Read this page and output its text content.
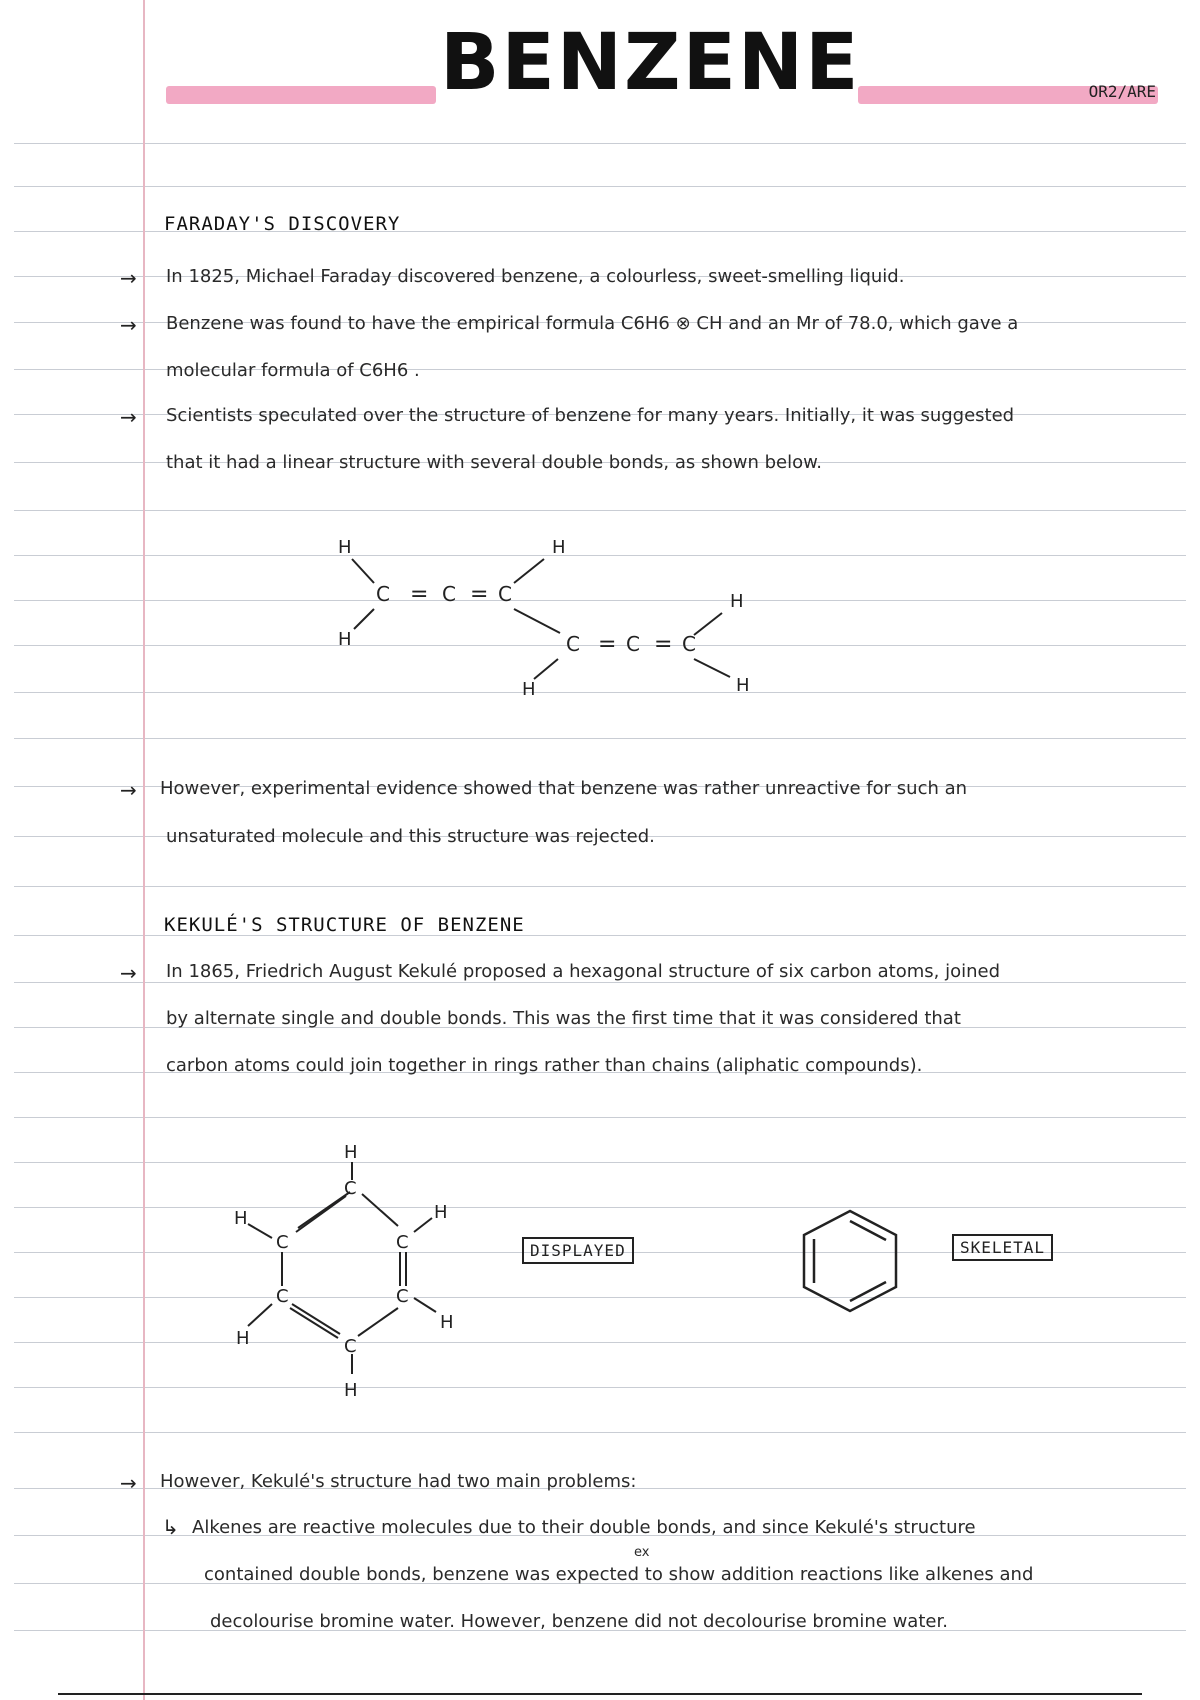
BENZENE	OR2/ARE
FARADAY'S DISCOVERY
→ In 1825, Michael Faraday discovered benzene, a colourless, sweet-smelling liquid.
→ Benzene was found to have the empirical formula C6H6 ⊗ CH and an Mr of 78.0, which gave a
molecular formula of C6H6 .
→ Scientists speculated over the structure of benzene for many years. Initially, it was suggested
that it had a linear structure with several double bonds, as shown below.
H	H
C = C = C
H	C = C = C
H
H	H
→ However, experimental evidence showed that benzene was rather unreactive for such an
unsaturated molecule and this structure was rejected.
KEKULÉ'S STRUCTURE OF BENZENE
→ In 1865, Friedrich August Kekulé proposed a hexagonal structure of six carbon atoms, joined
by alternate single and double bonds. This was the first time that it was considered that
carbon atoms could join together in rings rather than chains (aliphatic compounds).
H
C
H	H
C	C
C	C
H
C
H
H
DISPLAYED	SKELETAL
→ However, Kekulé's structure had two main problems:
↳ Alkenes are reactive molecules due to their double bonds, and since Kekulé's structure
ex
contained double bonds, benzene was expected to show addition reactions like alkenes and
decolourise bromine water. However, benzene did not decolourise bromine water.
